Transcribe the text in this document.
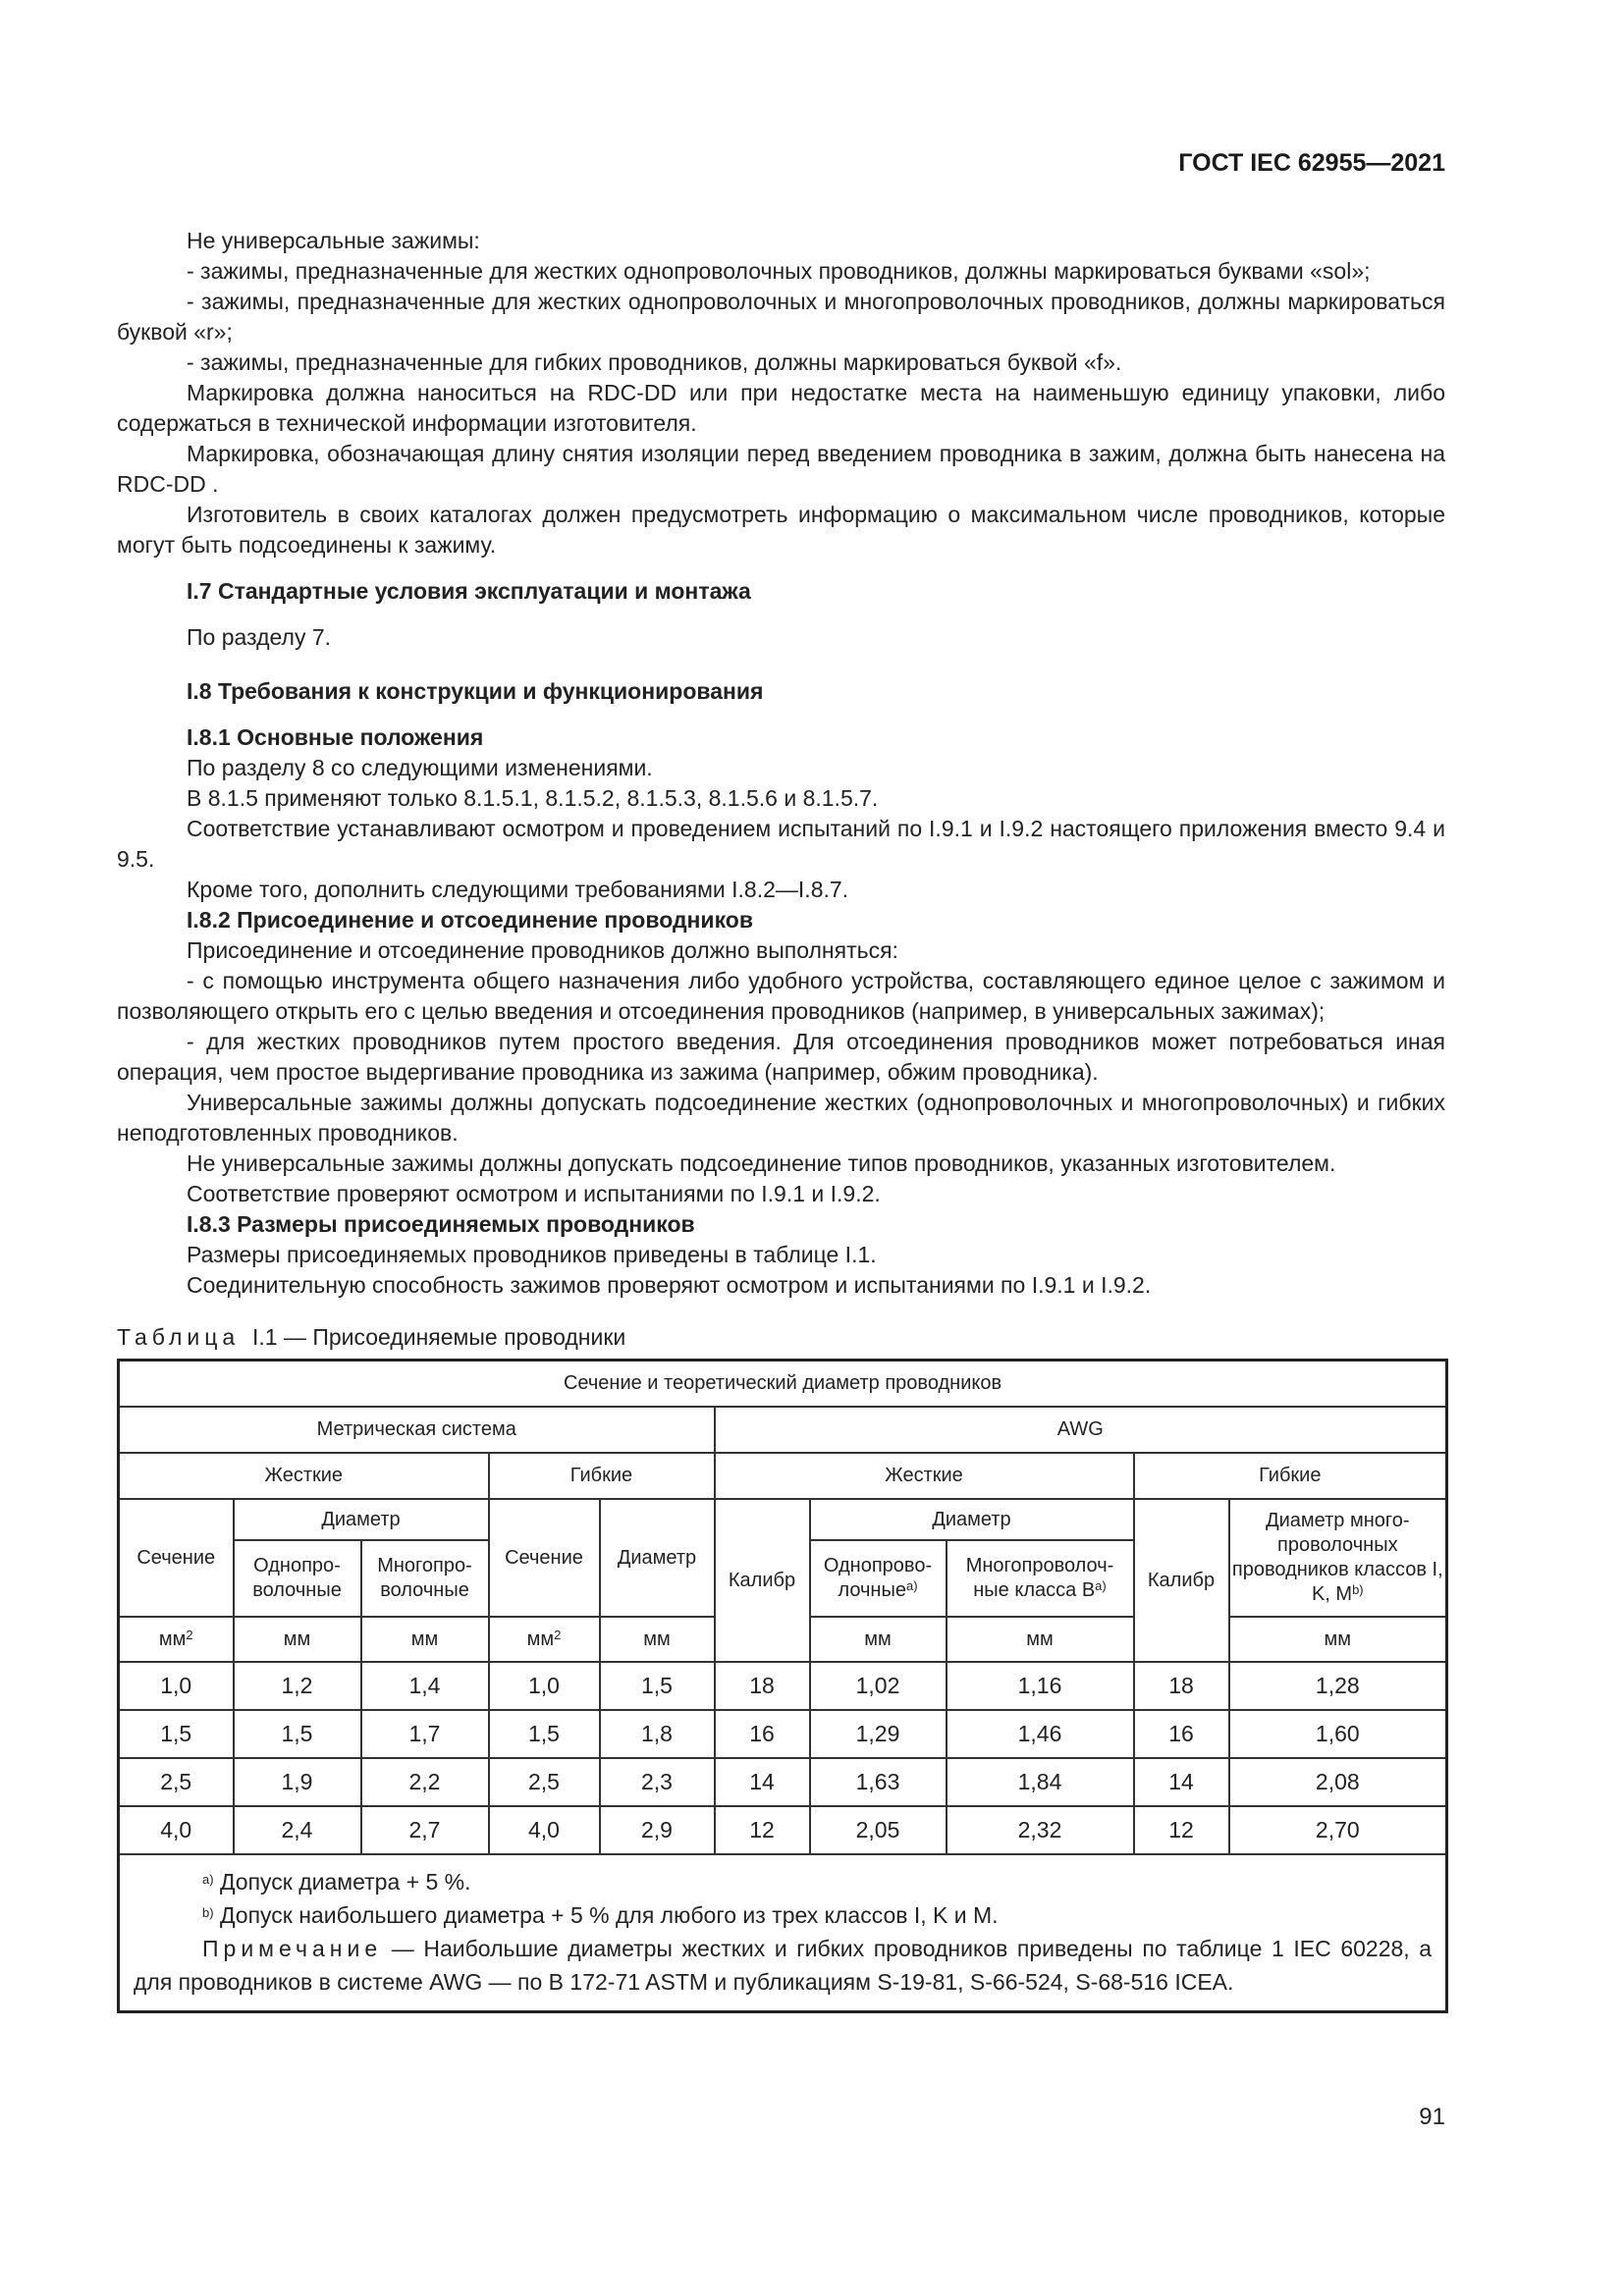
ГОСТ IEC 62955—2021

Не универсальные зажимы:

- зажимы, предназначенные для жестких однопроволочных проводников, должны маркироваться буквами «sol»;

- зажимы, предназначенные для жестких однопроволочных и многопроволочных проводников, должны маркироваться буквой «r»;

- зажимы, предназначенные для гибких проводников, должны маркироваться буквой «f».

Маркировка должна наноситься на RDC-DD или при недостатке места на наименьшую единицу упаковки, либо содержаться в технической информации изготовителя.

Маркировка, обозначающая длину снятия изоляции перед введением проводника в зажим, должна быть нанесена на RDC-DD .

Изготовитель в своих каталогах должен предусмотреть информацию о максимальном числе проводников, которые могут быть подсоединены к зажиму.

I.7 Стандартные условия эксплуатации и монтажа

По разделу 7.

I.8 Требования к конструкции и функционирования

I.8.1 Основные положения

По разделу 8 со следующими изменениями.

В 8.1.5 применяют только 8.1.5.1, 8.1.5.2, 8.1.5.3, 8.1.5.6 и 8.1.5.7.

Соответствие устанавливают осмотром и проведением испытаний по I.9.1 и I.9.2 настоящего приложения вместо 9.4 и 9.5.

Кроме того, дополнить следующими требованиями I.8.2—I.8.7.

I.8.2 Присоединение и отсоединение проводников

Присоединение и отсоединение проводников должно выполняться:

- с помощью инструмента общего назначения либо удобного устройства, составляющего единое целое с зажимом и позволяющего открыть его с целью введения и отсоединения проводников (например, в универсальных зажимах);

- для жестких проводников путем простого введения. Для отсоединения проводников может потребоваться иная операция, чем простое выдергивание проводника из зажима (например, обжим проводника).

Универсальные зажимы должны допускать подсоединение жестких (однопроволочных и многопроволочных) и гибких неподготовленных проводников.

Не универсальные зажимы должны допускать подсоединение типов проводников, указанных изготовителем.

Соответствие проверяют осмотром и испытаниями по I.9.1 и I.9.2.

I.8.3 Размеры присоединяемых проводников

Размеры присоединяемых проводников приведены в таблице I.1.

Соединительную способность зажимов проверяют осмотром и испытаниями по I.9.1 и I.9.2.

Таблица I.1 — Присоединяемые проводники

Сечение и теоретический диаметр проводников									
Метрическая система					AWG				
Жесткие			Гибкие		Жесткие			Гибкие	
Сечение	Диаметр		Сечение	Диаметр	Калибр	Диаметр		Калибр	Диаметр много- проволочных проводников классов I, K, $M^{b)}$
	Однопро- волочные	Многопро- волочные				Однопрово- лочные$^{a)}$	Многопроволоч- ные класса $B^{a)}$
$мм^2$	мм	мм	$мм^2$	мм		мм	мм		мм
1,0	1,2	1,4	1,0	1,5	18	1,02	1,16	18	1,28
1,5	1,5	1,7	1,5	1,8	16	1,29	1,46	16	1,60
2,5	1,9	2,2	2,5	2,3	14	1,63	1,84	14	2,08
4,0	2,4	2,7	4,0	2,9	12	2,05	2,32	12	2,70

$^{a)}$ Допуск диаметра + 5 %.
$^{b)}$ Допуск наибольшего диаметра + 5 % для любого из трех классов I, K и M.
Примечание — Наибольшие диаметры жестких и гибких проводников приведены по таблице 1 IEC 60228, а для проводников в системе AWG — по B 172-71 ASTM и публикациям S-19-81, S-66-524, S-68-516 ICEA.									
91
